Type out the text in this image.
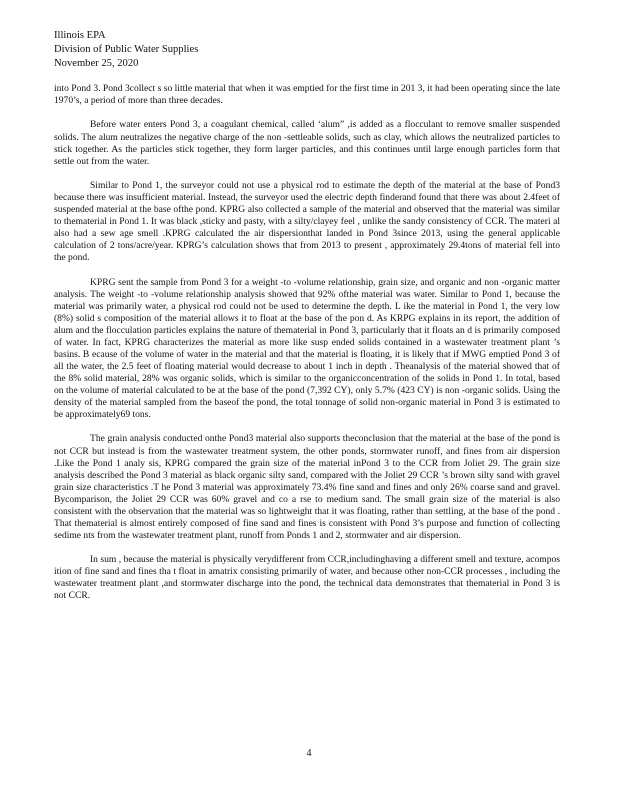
Illinois EPA
Division of Public Water Supplies
November 25, 2020

into Pond 3. Pond 3collect s so little material that when it was emptied for the first time in 201 3, it had been operating since the late 1970’s, a period of more than three decades.

Before water enters Pond 3, a coagulant chemical, called ‘alum” ,is added as a flocculant to remove smaller suspended solids. The alum neutralizes the negative charge of the non -settleable solids, such as clay, which allows the neutralized particles to stick together. As the particles stick together, they form larger particles, and this continues until large enough particles form that settle out from the water.

Similar to Pond 1, the surveyor could not use a physical rod to estimate the depth of the material at the base of Pond3 because there was insufficient material. Instead, the surveyor used the electric depth finderand found that there was about 2.4feet of suspended material at the base ofthe pond. KPRG also collected a sample of the material and observed that the material was similar to thematerial in Pond 1. It was black ,sticky and pasty, with a silty/clayey feel , unlike the sandy consistency of CCR. The materi al also had a sew age smell .KPRG calculated the air dispersionthat landed in Pond 3since 2013, using the general applicable calculation of 2 tons/acre/year. KPRG’s calculation shows that from 2013 to present , approximately 29.4tons of material fell into the pond.

KPRG sent the sample from Pond 3 for a weight -to -volume relationship, grain size, and organic and non -organic matter analysis. The weight -to -volume relationship analysis showed that 92% ofthe material was water. Similar to Pond 1, because the material was primarily water, a physical rod could not be used to determine the depth. L ike the material in Pond 1, the very low (8%) solid s composition of the material allows it to float at the base of the pon d. As KRPG explains in its report, the addition of alum and the flocculation particles explains the nature of thematerial in Pond 3, particularly that it floats an d is primarily composed of water. In fact, KPRG characterizes the material as more like susp ended solids contained in a wastewater treatment plant ’s basins. B ecause of the volume of water in the material and that the material is floating, it is likely that if MWG emptied Pond 3 of all the water, the 2.5 feet of floating material would decrease to about 1 inch in depth . Theanalysis of the material showed that of the 8% solid material, 28% was organic solids, which is similar to the organicconcentration of the solids in Pond 1. In total, based on the volume of material calculated to be at the base of the pond (7,392 CY), only 5.7% (423 CY) is non -organic solids. Using the density of the material sampled from the baseof the pond, the total tonnage of solid non-organic material in Pond 3 is estimated to be approximately69 tons.

The grain analysis conducted onthe Pond3 material also supports theconclusion that the material at the base of the pond is not CCR but instead is from the wastewater treatment system, the other ponds, stormwater runoff, and fines from air dispersion .Like the Pond 1 analy sis, KPRG compared the grain size of the material inPond 3 to the CCR from Joliet 29. The grain size analysis described the Pond 3 material as black organic silty sand, compared with the Joliet 29 CCR ’s brown silty sand with gravel grain size characteristics .T he Pond 3 material was approximately 73.4% fine sand and fines and only 26% coarse sand and gravel. Bycomparison, the Joliet 29 CCR was 60% gravel and co a rse to medium sand. The small grain size of the material is also consistent with the observation that the material was so lightweight that it was floating, rather than settling, at the base of the pond . That thematerial is almost entirely composed of fine sand and fines is consistent with Pond 3’s purpose and function of collecting sedime nts from the wastewater treatment plant, runoff from Ponds 1 and 2, stormwater and air dispersion.

In sum , because the material is physically verydifferent from CCR,includinghaving a different smell and texture, acompos ition of fine sand and fines tha t float in amatrix consisting primarily of water, and because other non-CCR processes , including the wastewater treatment plant ,and stormwater discharge into the pond, the technical data demonstrates that thematerial in Pond 3 is not CCR.

4
